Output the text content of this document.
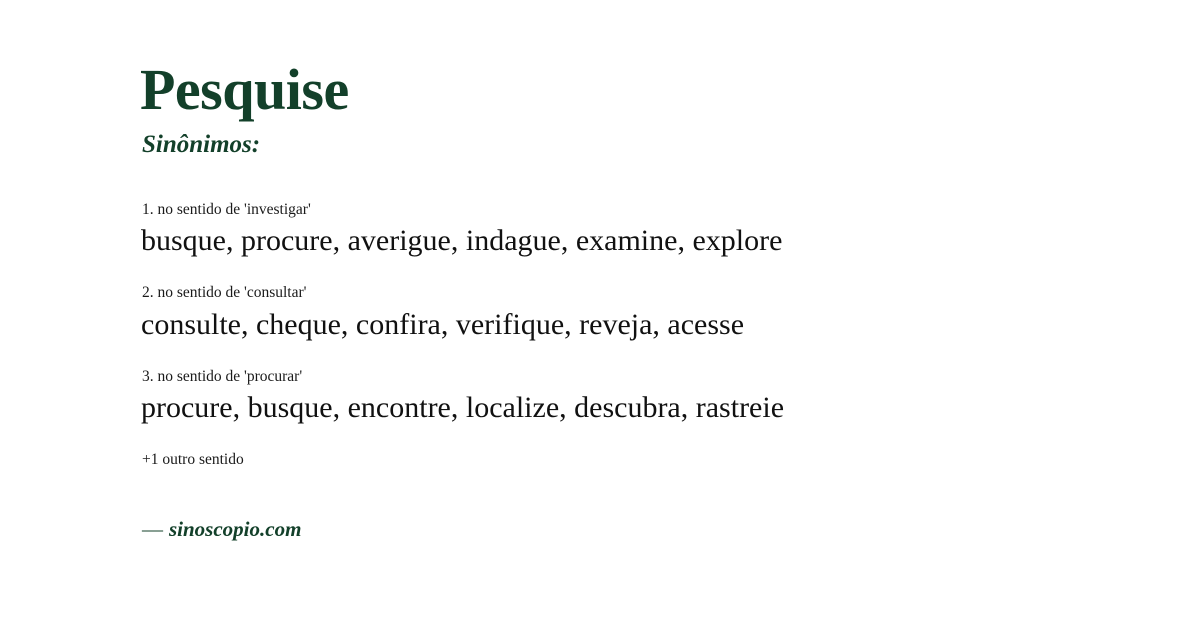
Pesquise
Sinônimos:
1. no sentido de 'investigar'
busque, procure, averigue, indague, examine, explore
2. no sentido de 'consultar'
consulte, cheque, confira, verifique, reveja, acesse
3. no sentido de 'procurar'
procure, busque, encontre, localize, descubra, rastreie
+1 outro sentido
— sinoscopio.com
